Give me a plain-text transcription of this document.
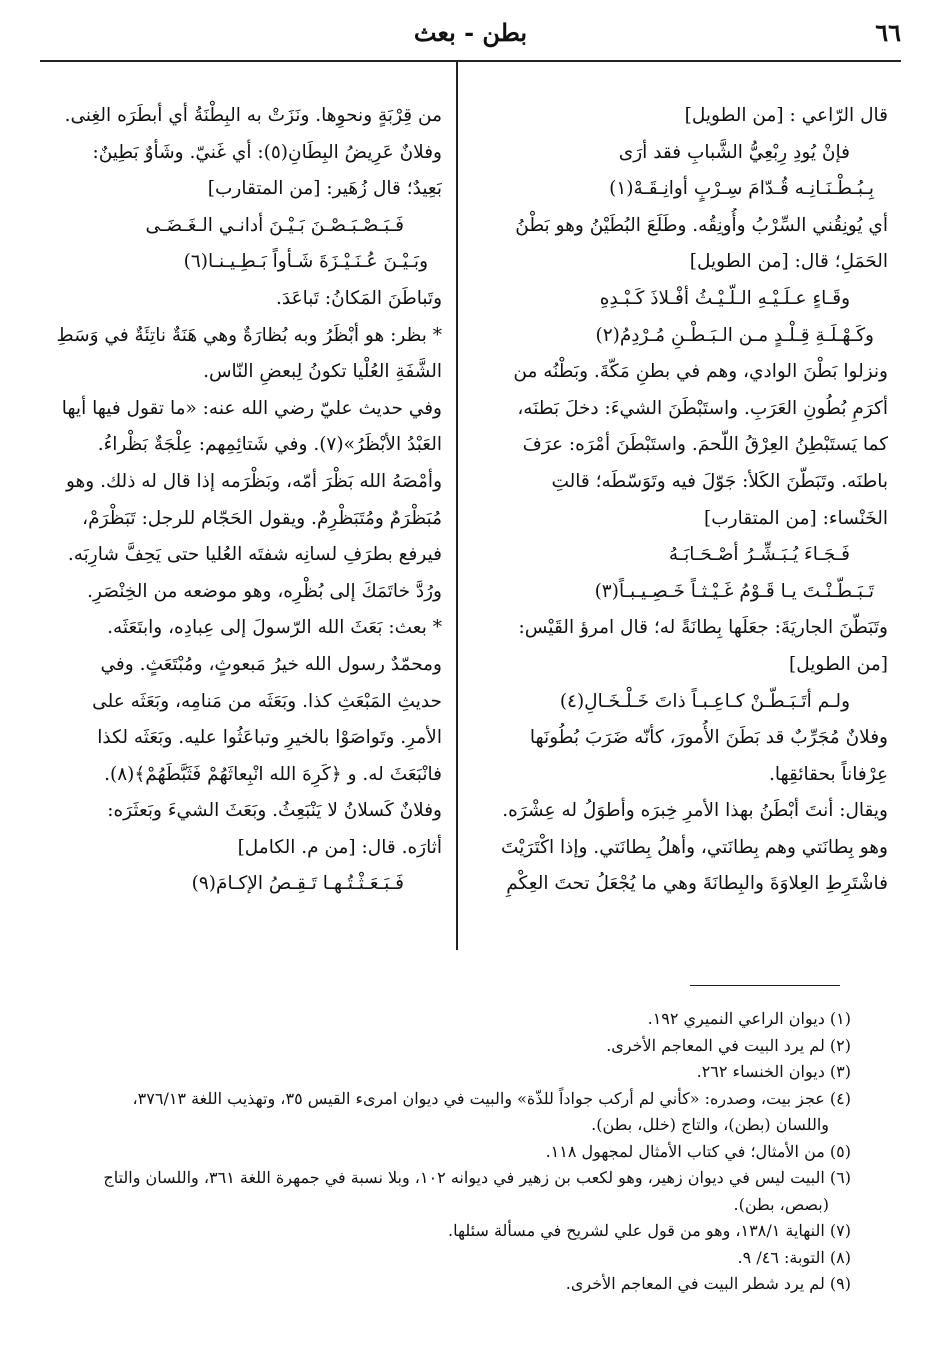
٦٦
بطن - بعث
قال الرّاعي : [من الطويل]
فإنْ يُودِ رِبْعِيُّ الشَّبابِ فقد أرَى
بِـبُـطْـنَـانِـه قُـدّامَ سِـرْبٍ أوانِـقَـهْ(١)
أي يُونِقُني السِّرْبُ وأُونِقُه. وطَلَعَ البُطَيْنُ وهو بَطْنُ
الحَمَلِ؛ قال: [من الطويل]
وقَـاءٍ عـلَـيْـهِ الـلّـيْـثُ أفْـلاذَ كَـبْـدِهِ
وكَـهْـلَـةِ قِـلْـدٍ مـن الـبَـطْـنِ مُـرْدِمُ(٢)
ونزلوا بَطْنَ الوادي، وهم في بطنِ مَكّةَ. وبَطْنُه من
أكرَمِ بُطُونِ العَرَبِ. واستَبْطَنَ الشيءَ: دخلَ بَطنَه،
كما يَستَبْطِنُ العِرْقُ اللّحمَ. واستَبْطَنَ أمْرَه: عرَفَ
باطنَه. وتَبَطّنَ الكَلأ: جَوّلَ فيه وتَوَسّطَه؛ قالتِ
الخَنْساء: [من المتقارب]
فَـجَـاءَ يُـبَـشِّـرُ أصْـحَـابَـهُ
تَـبَـطّـنْـتَ يـا قَـوْمُ غَـيْـثـاً خَـصِـيـبـاً(٣)
وتَبَطّنَ الجاريَةَ: جعَلَها بِطانَةً له؛ قال امرؤ القَيْس:
[من الطويل]
ولـم أتَـبَـطّـنْ كـاعِـبـاً ذاتَ خَـلْـخَـالِ(٤)
وفلانٌ مُجَرِّبٌ قد بَطَنَ الأُمورَ، كأنّه ضَرَبَ بُطُونَها
عِرْفاناً بحقائقِها.
ويقال: أنتَ أبْطَنُ بهذا الأمرِ خِبرَه وأطوَلُ له عِشْرَه.
وهو بِطانَتي وهم بِطانَتي، وأهلُ بِطانَتي. وإذا اكْتَرَيْتَ
فاشْتَرِطِ العِلاوَةَ والبِطانَةَ وهي ما يُجْعَلُ تحتَ العِكْمِ
من قِرْبَةٍ ونحوِها. ونَزَتْ به البِطْنَةُ أي أبطَرَه الغِنى.
وفلانٌ عَرِيضُ البِطَانِ(٥): أي غَنيّ. وشَأوٌ بَطِينٌ:
بَعِيدٌ؛ قال زُهَير: [من المتقارب]
فَـبَـصْـبَـصْـنَ بَـيْـنَ أدانـي الـغَـضَـى
وبَـيْـنَ عُـنَـيْـزَةَ شَـأواً بَـطِـيـنـا(٦)
وتَباطَنَ المَكانُ: تَباعَدَ.
* بظر: هو أبْظَرُ وبه بُظارَةٌ وهي هَنَةٌ ناتِئَةٌ في وَسَطِ
الشَّفَةِ العُلْيا تكونُ لِبعضِ النّاس.
وفي حديث عليّ رضي الله عنه: «ما تقول فيها أيها
العَبْدُ الأبْظَرُ»(٧). وفي شَتائِمِهم: عِلْجَةٌ بَظْراءُ.
وأمْصَهُ الله بَظْرَ أمّه، وبَظْرَمه إذا قال له ذلك. وهو
مُبَظْرَمٌ ومُتَبَظْرِمٌ. ويقول الحَجّام للرجل: تَبَظْرَمْ،
فيرفع بطرَفِ لسانِه شفتَه العُليا حتى يَحِفَّ شارِبَه.
ورُدَّ خاتَمَكَ إلى بُظْرِه، وهو موضعه من الخِنْصَرِ.
* بعث: بَعَثَ الله الرّسولَ إلى عِبادِه، وابتَعَثَه.
ومحمّدٌ رسول الله خيرُ مَبعوثٍ، ومُبْتَعَثٍ. وفي
حديثِ المَبْعَثِ كذا. وبَعَثَه من مَنامِه، وبَعَثَه على
الأمرِ. وتَواصَوْا بالخيرِ وتباعَثُوا عليه. وبَعَثَه لكذا
فانْبَعَثَ له. و ﴿كَرِهَ الله انْبِعاثَهُمْ فَثَبَّطَهُمْ﴾(٨).
وفلانٌ كَسلانُ لا يَنْبَعِثُ. وبَعَثَ الشيءَ وبَعثَرَه:
أثارَه. قال: [من م. الكامل]
فَـبَـعَـثْـتُـهـا تَـقِـصُ الإكـامَ(٩)
(١) ديوان الراعي النميري ١٩٢.
(٢) لم يرد البيت في المعاجم الأخرى.
(٣) ديوان الخنساء ٢٦٢.
(٤) عجز بيت، وصدره: «كأني لم أركب جواداً للذّة» والبيت في ديوان امرىء القيس ٣٥، وتهذيب اللغة ٣٧٦/١٣،
واللسان (بطن)، والتاج (خلل، بطن).
(٥) من الأمثال؛ في كتاب الأمثال لمجهول ١١٨.
(٦) البيت ليس في ديوان زهير، وهو لكعب بن زهير في ديوانه ١٠٢، وبلا نسبة في جمهرة اللغة ٣٦١، واللسان والتاج
(بصص، بطن).
(٧) النهاية ١٣٨/١، وهو من قول علي لشريح في مسألة سئلها.
(٨) التوبة: ٤٦/ ٩.
(٩) لم يرد شطر البيت في المعاجم الأخرى.
